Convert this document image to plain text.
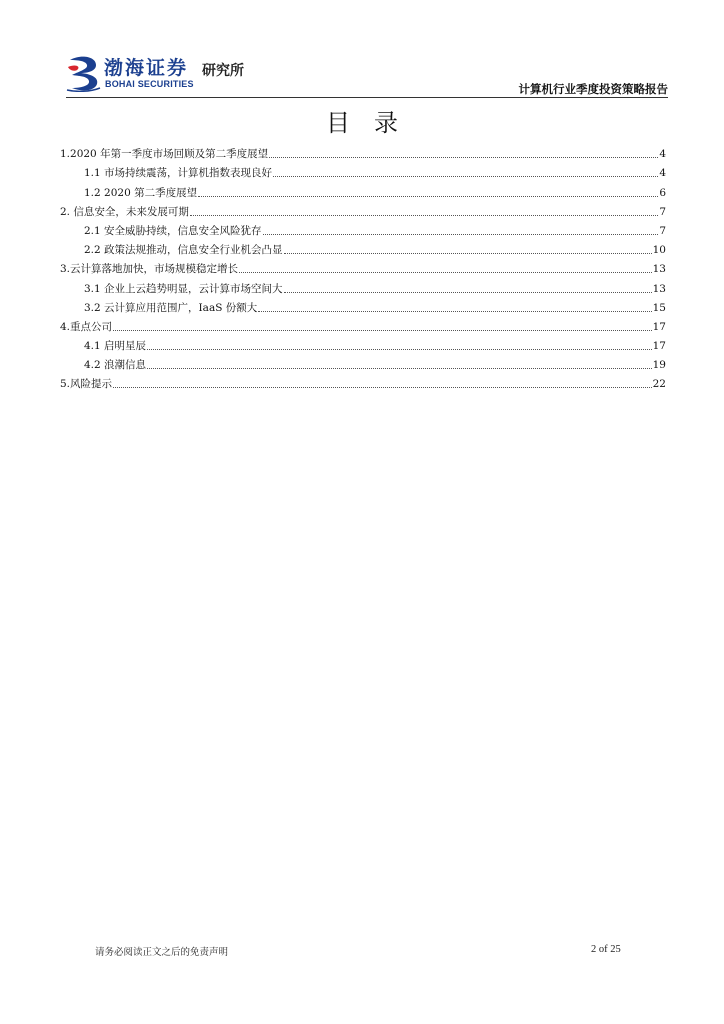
渤海证券
BOHAI SECURITIES
研究所
计算机行业季度投资策略报告
目录
1.2020 年第一季度市场回顾及第二季度展望	4
1.1 市场持续震荡，计算机指数表现良好	4
1.2 2020 第二季度展望	6
2. 信息安全，未来发展可期	7
2.1 安全威胁持续，信息安全风险犹存	7
2.2 政策法规推动，信息安全行业机会凸显	10
3.云计算落地加快，市场规模稳定增长	13
3.1 企业上云趋势明显，云计算市场空间大	13
3.2 云计算应用范围广，IaaS 份额大	15
4.重点公司	17
4.1 启明星辰	17
4.2 浪潮信息	19
5.风险提示	22
请务必阅读正文之后的免责声明	2 of 25
